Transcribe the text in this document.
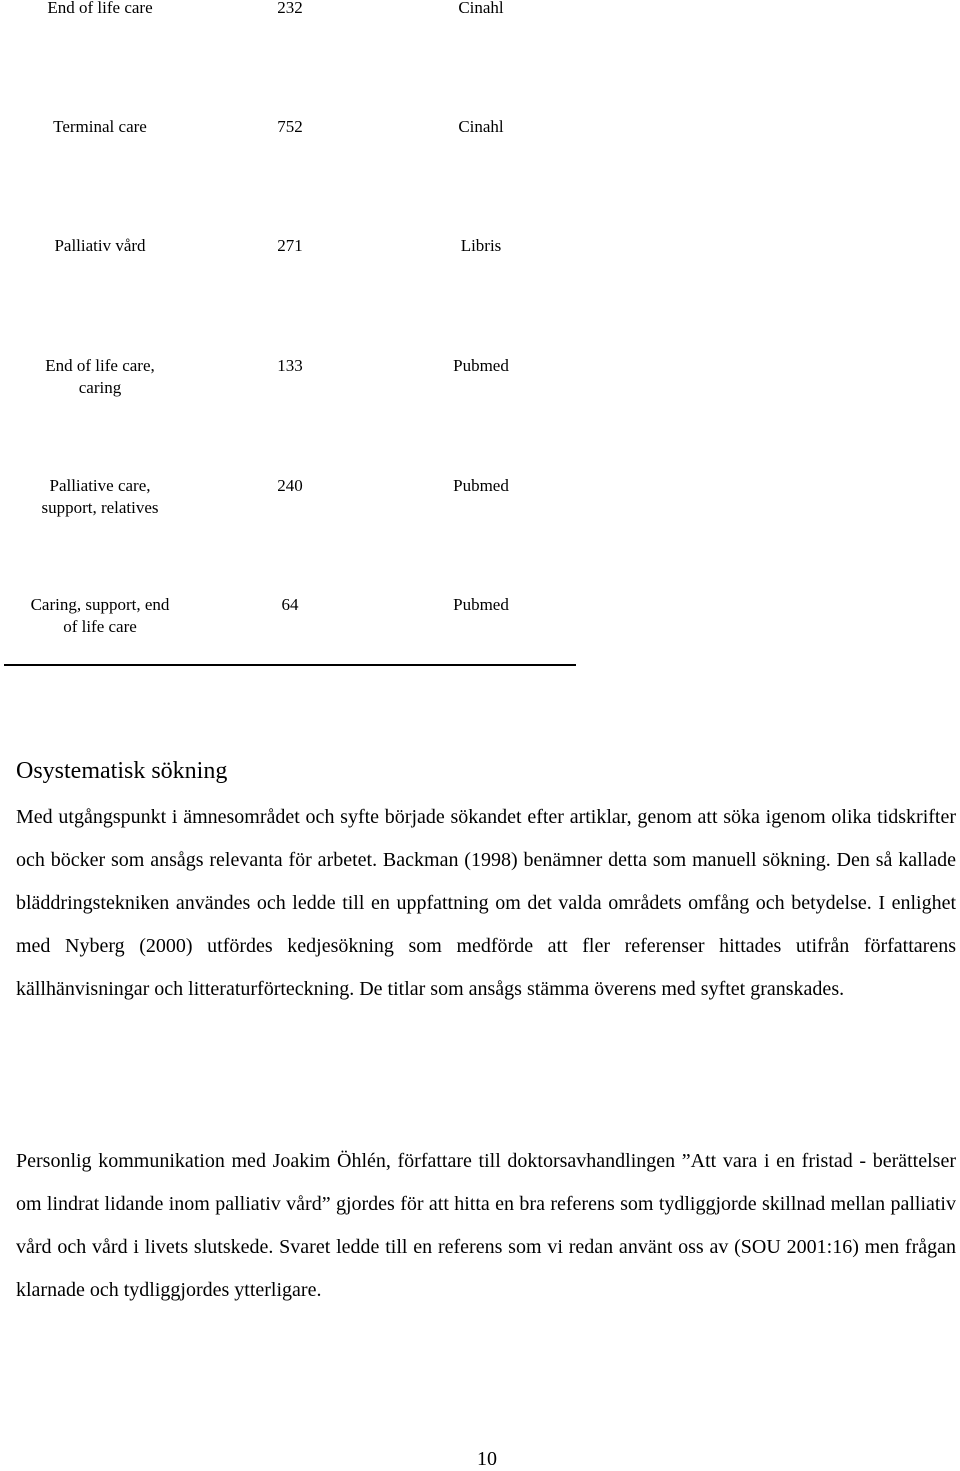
End of life care	232	Cinahl
Terminal care	752	Cinahl
Palliativ vård	271	Libris
End of life care,
caring
133	Pubmed
Palliative care,
support, relatives
240	Pubmed
Caring, support, end
of life care
64	Pubmed
Osystematisk sökning

Med utgångspunkt i ämnesområdet och syfte började sökandet efter artiklar, genom att söka igenom olika tidskrifter och böcker som ansågs relevanta för arbetet. Backman (1998) benämner detta som manuell sökning. Den så kallade bläddringstekniken användes och ledde till en uppfattning om det valda områdets omfång och betydelse. I enlighet med Nyberg (2000) utfördes kedjesökning som medförde att fler referenser hittades utifrån författarens källhänvisningar och litteraturförteckning. De titlar som ansågs stämma överens med syftet granskades.

Personlig kommunikation med Joakim Öhlén, författare till doktorsavhandlingen ”Att vara i en fristad - berättelser om lindrat lidande inom palliativ vård” gjordes för att hitta en bra referens som tydliggjorde skillnad mellan palliativ vård och vård i livets slutskede. Svaret ledde till en referens som vi redan använt oss av (SOU 2001:16) men frågan klarnade och tydliggjordes ytterligare.

10
